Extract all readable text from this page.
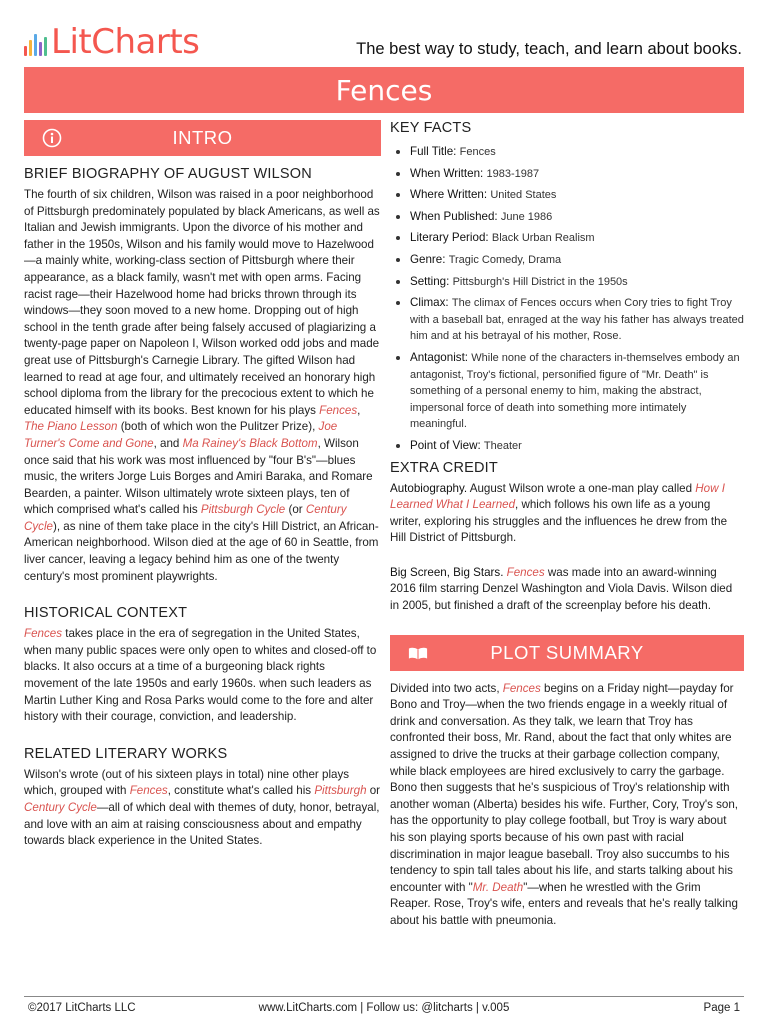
LitCharts	The best way to study, teach, and learn about books.
Fences
INTRO
BRIEF BIOGRAPHY OF AUGUST WILSON

The fourth of six children, Wilson was raised in a poor neighborhood of Pittsburgh predominately populated by black Americans, as well as Italian and Jewish immigrants. Upon the divorce of his mother and father in the 1950s, Wilson and his family would move to Hazelwood—a mainly white, working-class section of Pittsburgh where their appearance, as a black family, wasn't met with open arms. Facing racist rage—their Hazelwood home had bricks thrown through its windows—they soon moved to a new home. Dropping out of high school in the tenth grade after being falsely accused of plagiarizing a twenty-page paper on Napoleon I, Wilson worked odd jobs and made great use of Pittsburgh's Carnegie Library. The gifted Wilson had learned to read at age four, and ultimately received an honorary high school diploma from the library for the precocious extent to which he educated himself with its books. Best known for his plays Fences, The Piano Lesson (both of which won the Pulitzer Prize), Joe Turner's Come and Gone, and Ma Rainey's Black Bottom, Wilson once said that his work was most influenced by "four B's"—blues music, the writers Jorge Luis Borges and Amiri Baraka, and Romare Bearden, a painter. Wilson ultimately wrote sixteen plays, ten of which comprised what's called his Pittsburgh Cycle (or Century Cycle), as nine of them take place in the city's Hill District, an African-American neighborhood. Wilson died at the age of 60 in Seattle, from liver cancer, leaving a legacy behind him as one of the twenty century's most prominent playwrights.

HISTORICAL CONTEXT

Fences takes place in the era of segregation in the United States, when many public spaces were only open to whites and closed-off to blacks. It also occurs at a time of a burgeoning black rights movement of the late 1950s and early 1960s. when such leaders as Martin Luther King and Rosa Parks would come to the fore and alter history with their courage, conviction, and leadership.

RELATED LITERARY WORKS

Wilson's wrote (out of his sixteen plays in total) nine other plays which, grouped with Fences, constitute what's called his Pittsburgh or Century Cycle—all of which deal with themes of duty, honor, betrayal, and love with an aim at raising consciousness about and empathy towards black experience in the United States.

KEY FACTS
Full Title: Fences
When Written: 1983-1987
Where Written: United States
When Published: June 1986
Literary Period: Black Urban Realism
Genre: Tragic Comedy, Drama
Setting: Pittsburgh's Hill District in the 1950s
Climax: The climax of Fences occurs when Cory tries to fight Troy with a baseball bat, enraged at the way his father has always treated him and at his betrayal of his mother, Rose.
Antagonist: While none of the characters in-themselves embody an antagonist, Troy's fictional, personified figure of "Mr. Death" is something of a personal enemy to him, making the abstract, impersonal force of death into something more intimately meaningful.
Point of View: Theater
EXTRA CREDIT

Autobiography. August Wilson wrote a one-man play called How I Learned What I Learned, which follows his own life as a young writer, exploring his struggles and the influences he drew from the Hill District of Pittsburgh.

Big Screen, Big Stars. Fences was made into an award-winning 2016 film starring Denzel Washington and Viola Davis. Wilson died in 2005, but finished a draft of the screenplay before his death.

PLOT SUMMARY

Divided into two acts, Fences begins on a Friday night—payday for Bono and Troy—when the two friends engage in a weekly ritual of drink and conversation. As they talk, we learn that Troy has confronted their boss, Mr. Rand, about the fact that only whites are assigned to drive the trucks at their garbage collection company, while black employees are hired exclusively to carry the garbage. Bono then suggests that he's suspicious of Troy's relationship with another woman (Alberta) besides his wife. Further, Cory, Troy's son, has the opportunity to play college football, but Troy is wary about his son playing sports because of his own past with racial discrimination in major league baseball. Troy also succumbs to his tendency to spin tall tales about his life, and starts talking about his encounter with "Mr. Death"—when he wrestled with the Grim Reaper. Rose, Troy's wife, enters and reveals that he's really talking about his battle with pneumonia.

©2017 LitCharts LLC	www.LitCharts.com | Follow us: @litcharts | v.005	Page 1
